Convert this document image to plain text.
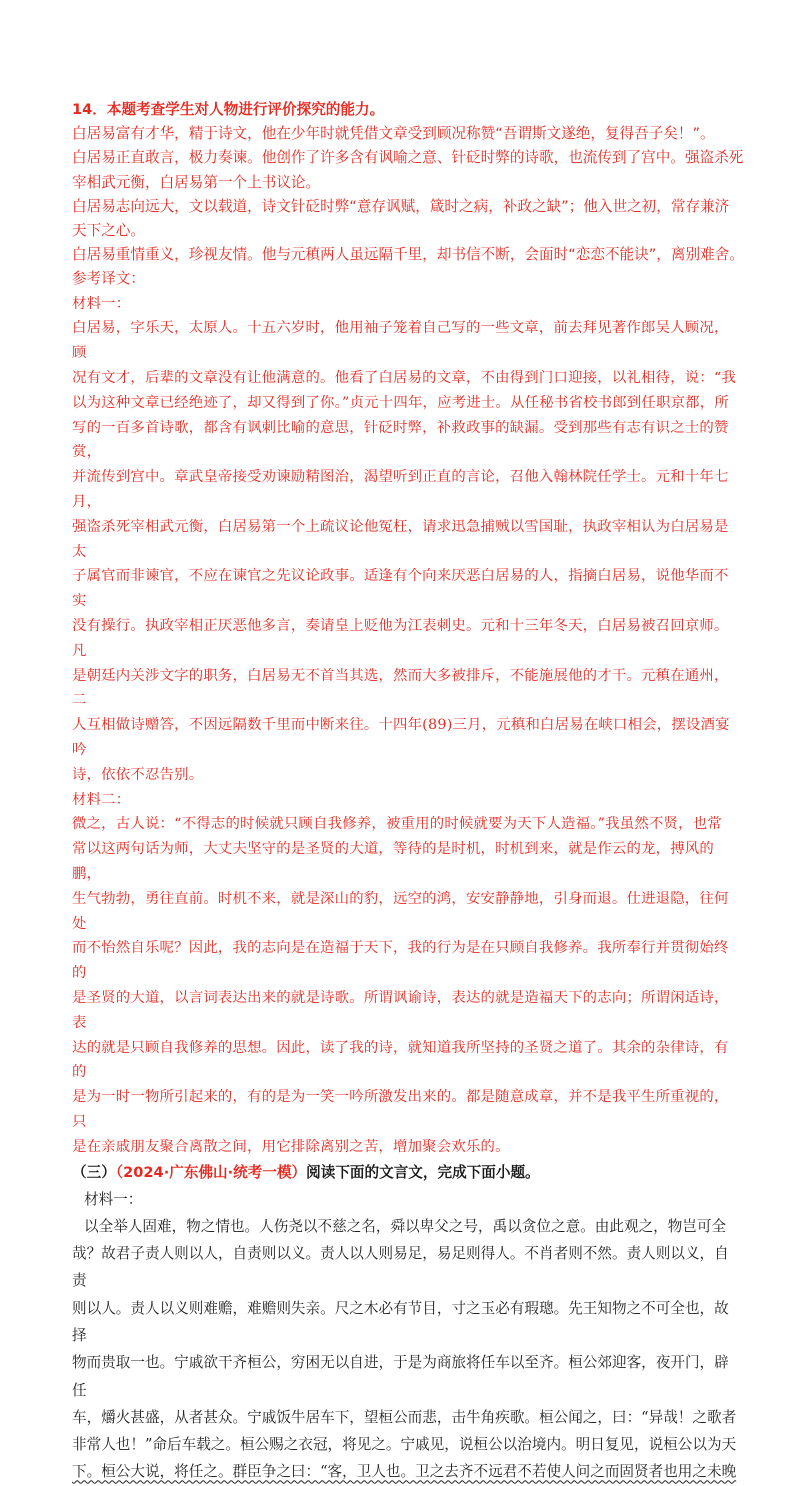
14．本题考查学生对人物进行评价探究的能力。
白居易富有才华，精于诗文，他在少年时就凭借文章受到顾况称赞“吾谓斯文遂绝，复得吾子矣！”。
白居易正直敢言，极力奏谏。他创作了许多含有讽喻之意、针砭时弊的诗歌，也流传到了宫中。强盗杀死
宰相武元衡，白居易第一个上书议论。
白居易志向远大，文以载道，诗文针砭时弊“意存讽赋，箴时之病，补政之缺”；他入世之初，常存兼济
天下之心。
白居易重情重义，珍视友情。他与元稹两人虽远隔千里，却书信不断，会面时“恋恋不能诀”，离别难舍。
参考译文：
材料一：
白居易，字乐天，太原人。十五六岁时，他用袖子笼着自己写的一些文章，前去拜见著作郎吴人顾况，顾
况有文才，后辈的文章没有让他满意的。他看了白居易的文章，不由得到门口迎接，以礼相待，说：“我
以为这种文章已经绝迹了，却又得到了你。”贞元十四年，应考进士。从任秘书省校书郎到任职京都，所
写的一百多首诗歌，都含有讽刺比喻的意思，针砭时弊，补救政事的缺漏。受到那些有志有识之士的赞赏，
并流传到宫中。章武皇帝接受劝谏励精图治，渴望听到正直的言论，召他入翰林院任学士。元和十年七月，
强盗杀死宰相武元衡，白居易第一个上疏议论他冤枉，请求迅急捕贼以雪国耻，执政宰相认为白居易是太
子属官而非谏官，不应在谏官之先议论政事。适逢有个向来厌恶白居易的人，指摘白居易，说他华而不实
没有操行。执政宰相正厌恶他多言，奏请皇上贬他为江表刺史。元和十三年冬天，白居易被召回京师。凡
是朝廷内关涉文字的职务，白居易无不首当其选，然而大多被排斥，不能施展他的才干。元稹在通州，二
人互相做诗赠答，不因远隔数千里而中断来往。十四年(89)三月，元稹和白居易在峡口相会，摆设酒宴吟
诗，依依不忍告别。
材料二：
微之，古人说：“不得志的时候就只顾自我修养，被重用的时候就要为天下人造福。”我虽然不贤，也常
常以这两句话为师，大丈夫坚守的是圣贤的大道，等待的是时机，时机到来，就是作云的龙，搏风的鹏，
生气勃勃，勇往直前。时机不来，就是深山的豹，远空的鸿，安安静静地，引身而退。仕进退隐，往何处
而不怡然自乐呢？因此，我的志向是在造福于天下，我的行为是在只顾自我修养。我所奉行并贯彻始终的
是圣贤的大道，以言词表达出来的就是诗歌。所谓讽谕诗，表达的就是造福天下的志向；所谓闲适诗，表
达的就是只顾自我修养的思想。因此，读了我的诗，就知道我所坚持的圣贤之道了。其余的杂律诗，有的
是为一时一物所引起来的，有的是为一笑一吟所激发出来的。都是随意成章，并不是我平生所重视的，只
是在亲戚朋友聚合离散之间，用它排除离别之苦，增加聚会欢乐的。
（三）（2024·广东佛山·统考一模）阅读下面的文言文，完成下面小题。
材料一：
以全举人固难，物之情也。人伤尧以不慈之名，舜以卑父之号，禹以贪位之意。由此观之，物岂可全
哉？故君子责人则以人，自责则以义。责人以人则易足，易足则得人。不肖者则不然。责人则以义，自责
则以人。责人以义则难赡，难赡则失亲。尺之木必有节目，寸之玉必有瑕璁。先王知物之不可全也，故择
物而贵取一也。宁戚欲干齐桓公，穷困无以自进，于是为商旅将任车以至齐。桓公郊迎客，夜开门，辟任
车，爝火甚盛，从者甚众。宁戚饭牛居车下，望桓公而悲，击牛角疾歌。桓公闻之，曰：“异哉！之歌者
非常人也！”命后车载之。桓公赐之衣冠，将见之。宁戚见，说桓公以治境内。明日复见，说桓公以为天
下。桓公大说，将任之。群臣争之曰：“客，卫人也。卫之去齐不远君不若使人问之而固贤者也用之未晚
